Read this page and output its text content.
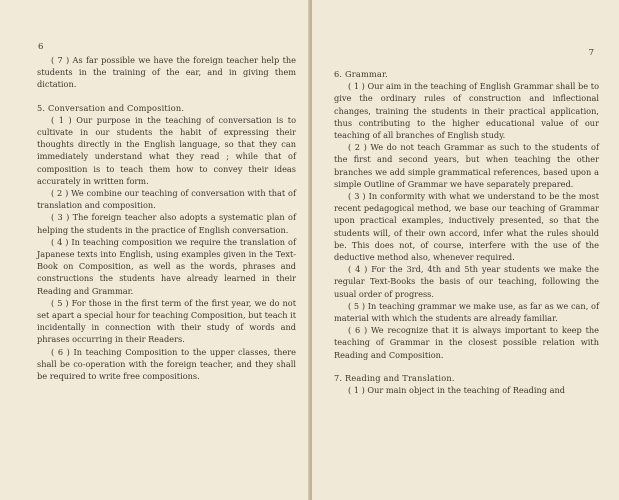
6

( 7 ) As far possible we have the foreign teacher help the students in the training of the ear, and in giving them dictation.

5. Conversation and Composition.

( 1 ) Our purpose in the teaching of conversation is to cultivate in our students the habit of expressing their thoughts directly in the English language, so that they can immediately understand what they read ; while that of composition is to teach them how to convey their ideas accurately in written form.

( 2 ) We combine our teaching of conversation with that of translation and composition.

( 3 ) The foreign teacher also adopts a systematic plan of helping the students in the practice of English conversation.

( 4 ) In teaching composition we require the translation of Japanese texts into English, using examples given in the Text-Book on Composition, as well as the words, phrases and constructions the students have already learned in their Reading and Grammar.

( 5 ) For those in the first term of the first year, we do not set apart a special hour for teaching Composition, but teach it incidentally in connection with their study of words and phrases occurring in their Readers.

( 6 ) In teaching Composition to the upper classes, there shall be co-operation with the foreign teacher, and they shall be required to write free compositions.

7

6. Grammar.

( 1 ) Our aim in the teaching of English Grammar shall be to give the ordinary rules of construction and inflectional changes, training the students in their practical application, thus contributing to the higher educational value of our teaching of all branches of English study.

( 2 ) We do not teach Grammar as such to the students of the first and second years, but when teaching the other branches we add simple grammatical references, based upon a simple Outline of Grammar we have separately prepared.

( 3 ) In conformity with what we understand to be the most recent pedagogical method, we base our teaching of Grammar upon practical examples, inductively presented, so that the students will, of their own accord, infer what the rules should be. This does not, of course, interfere with the use of the deductive method also, whenever required.

( 4 ) For the 3rd, 4th and 5th year students we make the regular Text-Books the basis of our teaching, following the usual order of progress.

( 5 ) In teaching grammar we make use, as far as we can, of material with which the students are already familiar.

( 6 ) We recognize that it is always important to keep the teaching of Grammar in the closest possible relation with Reading and Composition.

7. Reading and Translation.

( 1 ) Our main object in the teaching of Reading and
